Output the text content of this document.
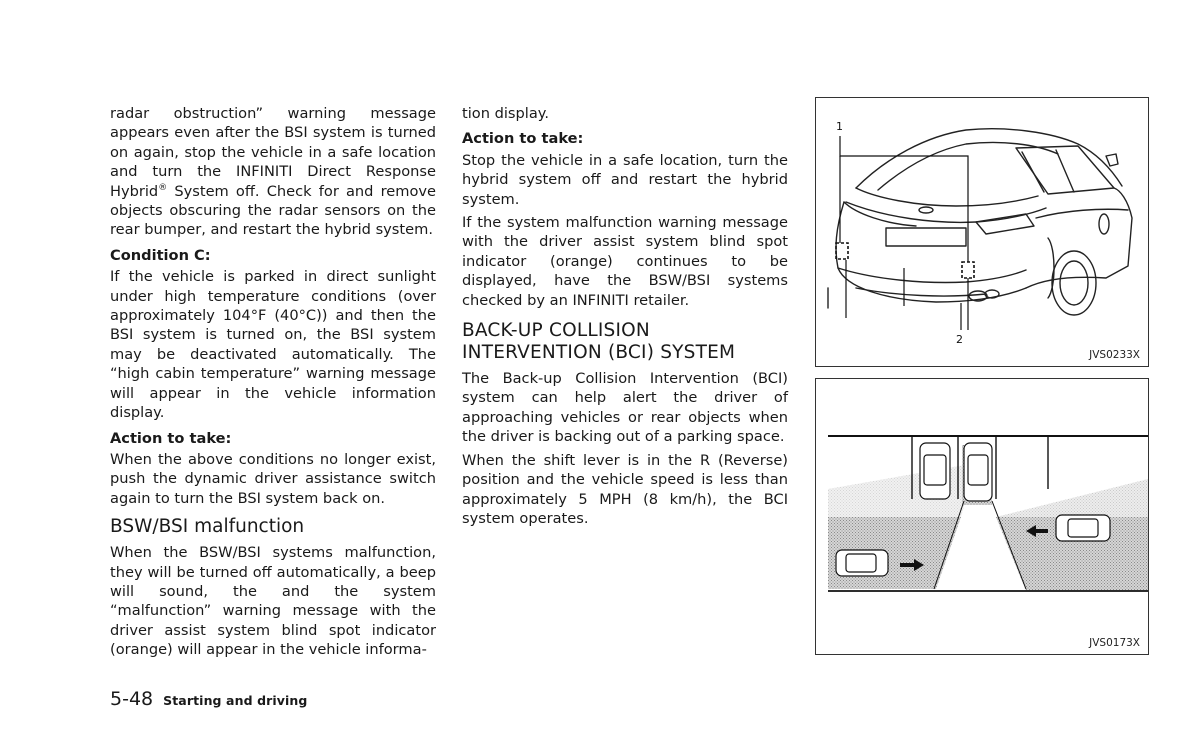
radar obstruction” warning message appears even after the BSI system is turned on again, stop the vehicle in a safe location and turn the INFINITI Direct Response Hybrid® System off. Check for and remove objects obscuring the radar sensors on the rear bumper, and restart the hybrid system.

Condition C:

If the vehicle is parked in direct sunlight under high temperature conditions (over approximately 104°F (40°C)) and then the BSI system is turned on, the BSI system may be deactivated automatically. The “high cabin temperature” warning message will appear in the vehicle information display.

Action to take:

When the above conditions no longer exist, push the dynamic driver assistance switch again to turn the BSI system back on.

BSW/BSI malfunction

When the BSW/BSI systems malfunction, they will be turned off automatically, a beep will sound, the and the system “malfunction” warning message with the driver assist system blind spot indicator (orange) will appear in the vehicle informa-

tion display.

Action to take:

Stop the vehicle in a safe location, turn the hybrid system off and restart the hybrid system.

If the system malfunction warning message with the driver assist system blind spot indicator (orange) continues to be displayed, have the BSW/BSI systems checked by an INFINITI retailer.

BACK-UP COLLISION INTERVENTION (BCI) SYSTEM

The Back-up Collision Intervention (BCI) system can help alert the driver of approaching vehicles or rear objects when the driver is backing out of a parking space.

When the shift lever is in the R (Reverse) position and the vehicle speed is less than approximately 5 MPH (8 km/h), the BCI system operates.

1
2
JVS0233X
JVS0173X
5-48 Starting and driving
